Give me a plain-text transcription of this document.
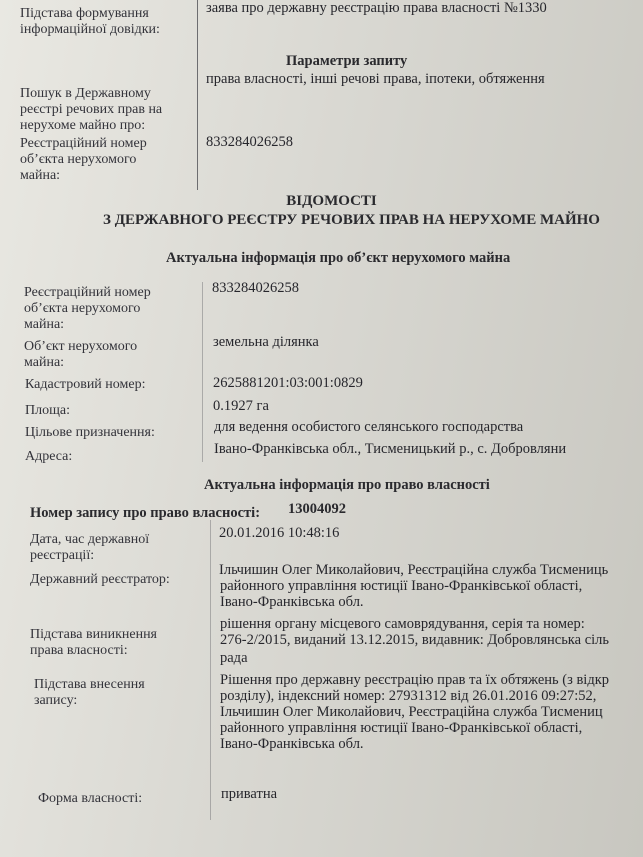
Підстава формування
інформаційної довідки:
заява про державну реєстрацію права власності №1330
Параметри запиту
Пошук в Державному
реєстрі речових прав на
нерухоме майно про:
права власності, інші речові права, іпотеки, обтяження
Реєстраційний номер
об’єкта нерухомого
майна:
833284026258
ВІДОМОСТІ
З ДЕРЖАВНОГО РЕЄСТРУ РЕЧОВИХ ПРАВ НА НЕРУХОМЕ МАЙНО
Актуальна інформація про об’єкт нерухомого майна
Реєстраційний номер
об’єкта нерухомого
майна:
833284026258
Об’єкт нерухомого
майна:
земельна ділянка
Кадастровий номер:	2625881201:03:001:0829
Площа:	0.1927 га
Цільове призначення:	для ведення особистого селянського господарства
Адреса:	Івано-Франківська обл., Тисменицький р., с. Добровляни
Актуальна інформація про право власності
Номер запису про право власності: 13004092
Дата, час державної
реєстрації:
20.01.2016 10:48:16
Державний реєстратор:
Ільчишин Олег Миколайович, Реєстраційна служба Тисмениць
районного управління юстиції Івано-Франківської області,
Івано-Франківська обл.
Підстава виникнення
права власності:
рішення органу місцевого самоврядування, серія та номер:
276-2/2015, виданий 13.12.2015, видавник: Добровлянська сіль
рада
Підстава внесення
запису:
Рішення про державну реєстрацію прав та їх обтяжень (з відкр
розділу), індексний номер: 27931312 від 26.01.2016 09:27:52,
Ільчишин Олег Миколайович, Реєстраційна служба Тисмениц
районного управління юстиції Івано-Франківської області,
Івано-Франківська обл.
Форма власності:	приватна
